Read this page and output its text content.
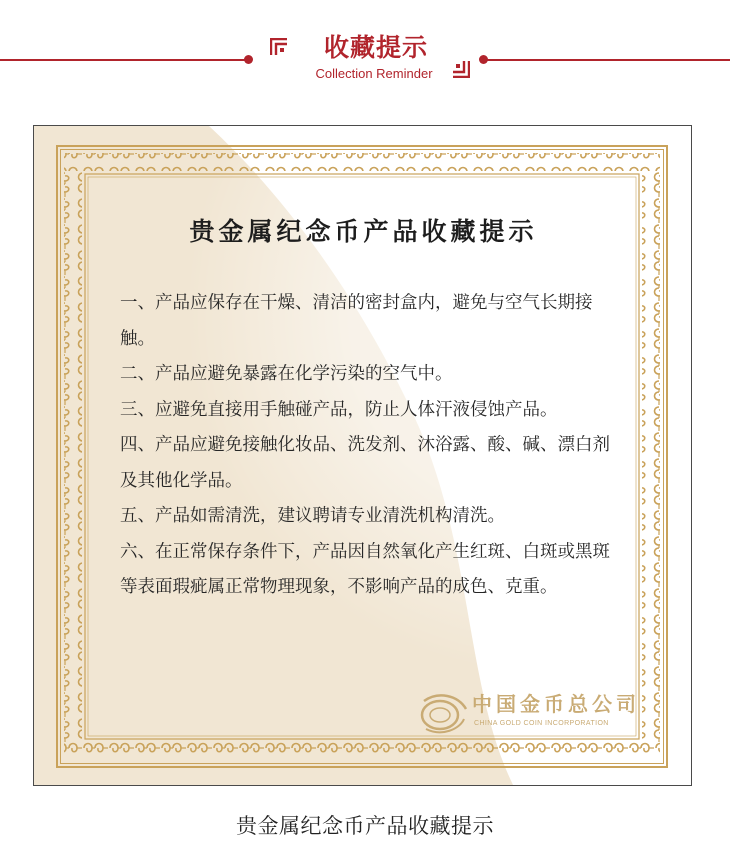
收藏提示
Collection Reminder
贵金属纪念币产品收藏提示

一、产品应保存在干燥、清洁的密封盒内，避免与空气长期接触。

二、产品应避免暴露在化学污染的空气中。

三、应避免直接用手触碰产品，防止人体汗液侵蚀产品。

四、产品应避免接触化妆品、洗发剂、沐浴露、酸、碱、漂白剂及其他化学品。

五、产品如需清洗，建议聘请专业清洗机构清洗。

六、在正常保存条件下，产品因自然氧化产生红斑、白斑或黑斑等表面瑕疵属正常物理现象，不影响产品的成色、克重。

中国金币总公司
CHINA GOLD COIN INCORPORATION
贵金属纪念币产品收藏提示
